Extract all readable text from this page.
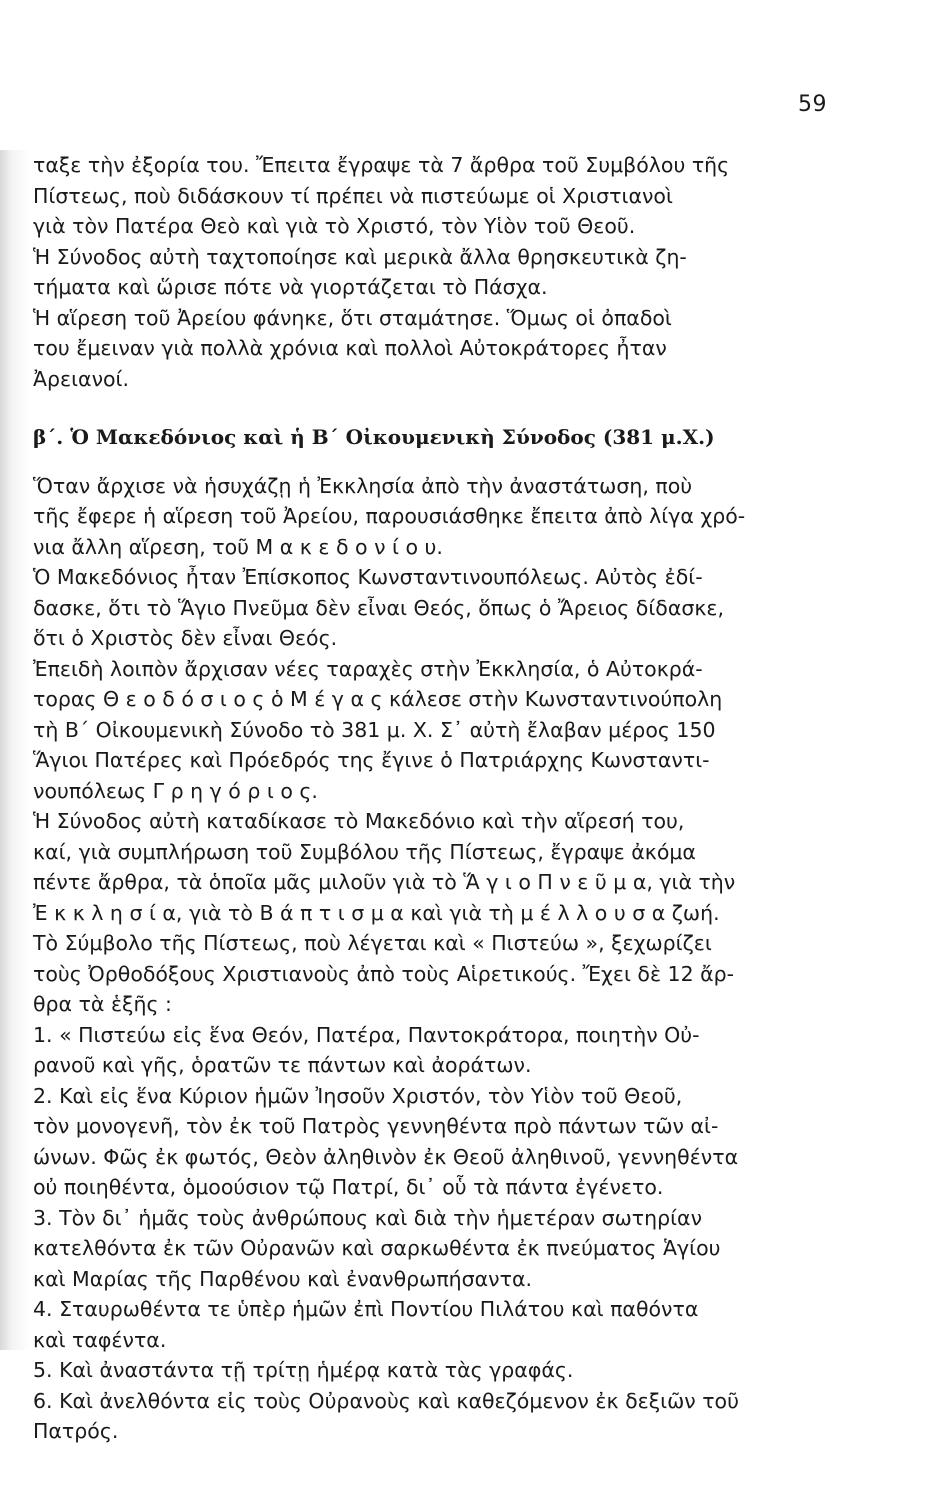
59
ταξε τὴν ἐξορία του. Ἔπειτα ἔγραψε τὰ 7 ἄρθρα τοῦ Συμβόλου τῆς
Πίστεως, ποὺ διδάσκουν τί πρέπει νὰ πιστεύωμε οἱ Χριστιανοὶ
γιὰ τὸν Πατέρα Θεὸ καὶ γιὰ τὸ Χριστό, τὸν Υἱὸν τοῦ Θεοῦ.
Ἡ Σύνοδος αὐτὴ ταχτοποίησε καὶ μερικὰ ἄλλα θρησκευτικὰ ζη-
τήματα καὶ ὥρισε πότε νὰ γιορτάζεται τὸ Πάσχα.
Ἡ αἵρεση τοῦ Ἀρείου φάνηκε, ὅτι σταμάτησε. Ὅμως οἱ ὀπαδοὶ
του ἔμειναν γιὰ πολλὰ χρόνια καὶ πολλοὶ Αὐτοκράτορες ἦταν
Ἀρειανοί.
β΄. Ὁ Μακεδόνιος καὶ ἡ Β΄ Οἰκουμενικὴ Σύνοδος (381 μ.Χ.)
Ὅταν ἄρχισε νὰ ἡσυχάζῃ ἡ Ἐκκλησία ἀπὸ τὴν ἀναστάτωση, ποὺ
τῆς ἔφερε ἡ αἵρεση τοῦ Ἀρείου, παρουσιάσθηκε ἔπειτα ἀπὸ λίγα χρό-
νια ἄλλη αἵρεση, τοῦ Μ α κ ε δ ο ν ί ο υ.
Ὁ Μακεδόνιος ἦταν Ἐπίσκοπος Κωνσταντινουπόλεως. Αὐτὸς ἐδί-
δασκε, ὅτι τὸ Ἅγιο Πνεῦμα δὲν εἶναι Θεός, ὅπως ὁ Ἄρειος δίδασκε,
ὅτι ὁ Χριστὸς δὲν εἶναι Θεός.
Ἐπειδὴ λοιπὸν ἄρχισαν νέες ταραχὲς στὴν Ἐκκλησία, ὁ Αὐτοκρά-
τορας Θ ε ο δ ό σ ι ο ς ὁ Μ έ γ α ς κάλεσε στὴν Κωνσταντινούπολη
τὴ Β΄ Οἰκουμενικὴ Σύνοδο τὸ 381 μ. Χ. Σ᾽ αὐτὴ ἔλαβαν μέρος 150
Ἅγιοι Πατέρες καὶ Πρόεδρός της ἔγινε ὁ Πατριάρχης Κωνσταντι-
νουπόλεως Γ ρ η γ ό ρ ι ο ς.
Ἡ Σύνοδος αὐτὴ καταδίκασε τὸ Μακεδόνιο καὶ τὴν αἵρεσή του,
καί, γιὰ συμπλήρωση τοῦ Συμβόλου τῆς Πίστεως, ἔγραψε ἀκόμα
πέντε ἄρθρα, τὰ ὁποῖα μᾶς μιλοῦν γιὰ τὸ Ἅ γ ι ο Π ν ε ῦ μ α, γιὰ τὴν
Ἐ κ κ λ η σ ί α, γιὰ τὸ Β ά π τ ι σ μ α καὶ γιὰ τὴ μ έ λ λ ο υ σ α ζωή.
Τὸ Σύμβολο τῆς Πίστεως, ποὺ λέγεται καὶ « Πιστεύω », ξεχωρίζει
τοὺς Ὀρθοδόξους Χριστιανοὺς ἀπὸ τοὺς Αἱρετικούς. Ἔχει δὲ 12 ἄρ-
θρα τὰ ἑξῆς :
1. « Πιστεύω εἰς ἕνα Θεόν, Πατέρα, Παντοκράτορα, ποιητὴν Οὐ-
ρανοῦ καὶ γῆς, ὁρατῶν τε πάντων καὶ ἀοράτων.
2. Καὶ εἰς ἕνα Κύριον ἡμῶν Ἰησοῦν Χριστόν, τὸν Υἱὸν τοῦ Θεοῦ,
τὸν μονογενῆ, τὸν ἐκ τοῦ Πατρὸς γεννηθέντα πρὸ πάντων τῶν αἰ-
ώνων. Φῶς ἐκ φωτός, Θεὸν ἀληθινὸν ἐκ Θεοῦ ἀληθινοῦ, γεννηθέντα
οὐ ποιηθέντα, ὁμοούσιον τῷ Πατρί, δι᾽ οὗ τὰ πάντα ἐγένετο.
3. Τὸν δι᾽ ἡμᾶς τοὺς ἀνθρώπους καὶ διὰ τὴν ἡμετέραν σωτηρίαν
κατελθόντα ἐκ τῶν Οὐρανῶν καὶ σαρκωθέντα ἐκ πνεύματος Ἁγίου
καὶ Μαρίας τῆς Παρθένου καὶ ἐνανθρωπήσαντα.
4. Σταυρωθέντα τε ὑπὲρ ἡμῶν ἐπὶ Ποντίου Πιλάτου καὶ παθόντα
καὶ ταφέντα.
5. Καὶ ἀναστάντα τῇ τρίτῃ ἡμέρᾳ κατὰ τὰς γραφάς.
6. Καὶ ἀνελθόντα εἰς τοὺς Οὐρανοὺς καὶ καθεζόμενον ἐκ δεξιῶν τοῦ
Πατρός.
